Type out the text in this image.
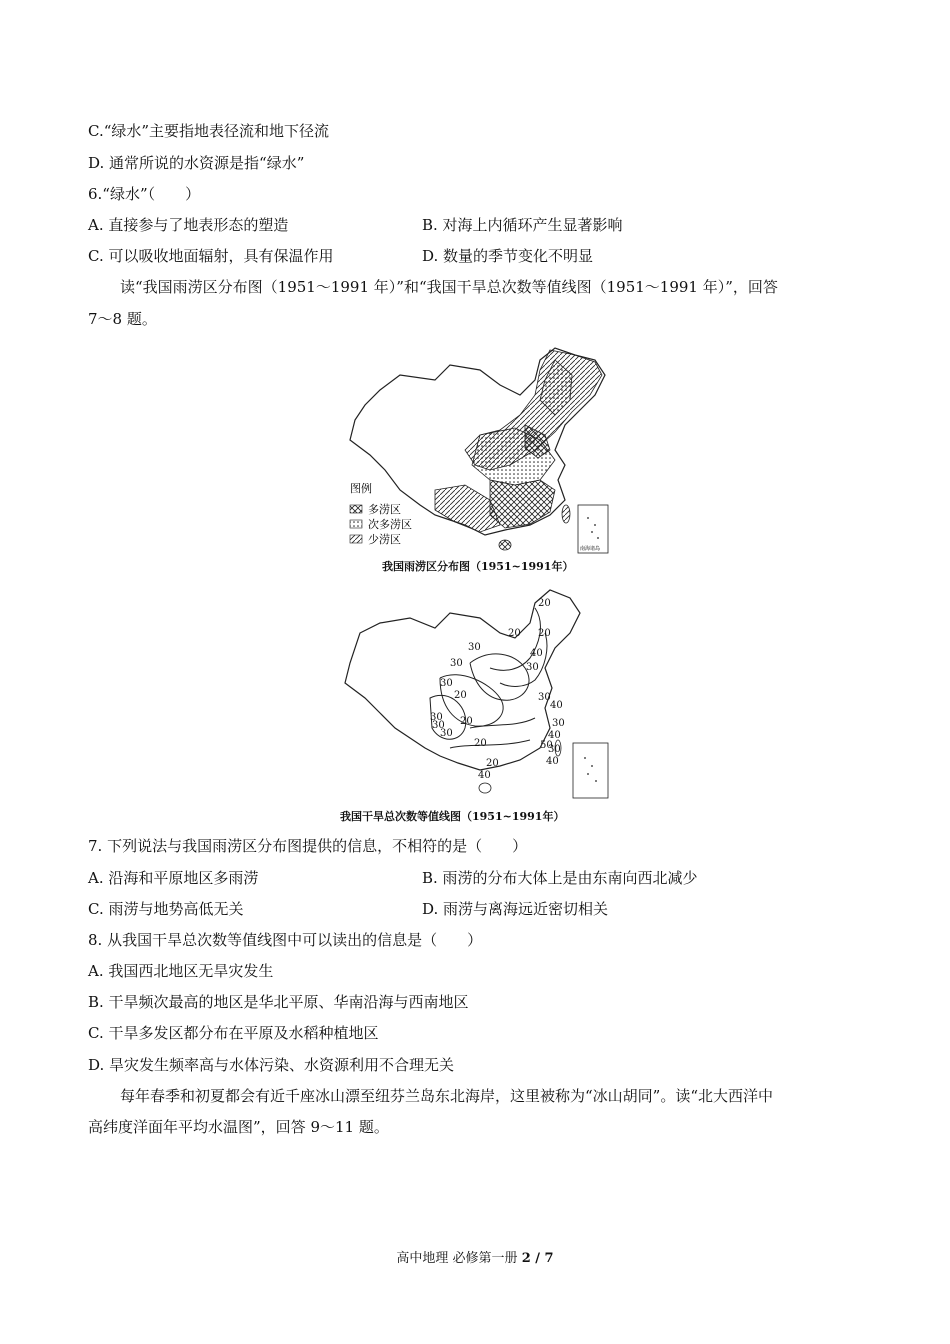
C.“绿水”主要指地表径流和地下径流
D. 通常所说的水资源是指“绿水”
6.“绿水”（　　）
A. 直接参与了地表形态的塑造	B. 对海上内循环产生显著影响
C. 可以吸收地面辐射，具有保温作用	D. 数量的季节变化不明显
读“我国雨涝区分布图（1951～1991 年）”和“我国干旱总次数等值线图（1951～1991 年）”，回答
7～8 题。
图例
多涝区
次多涝区
少涝区
南海诸岛
我国雨涝区分布图（1951~1991年）
20
20
20
40
30
30
30
30
20	30
30
40
30
20
30
30	40
20
30
50
40
40
20
我国干旱总次数等值线图（1951~1991年）
7. 下列说法与我国雨涝区分布图提供的信息，不相符的是（　　）
A. 沿海和平原地区多雨涝	B. 雨涝的分布大体上是由东南向西北减少
C. 雨涝与地势高低无关	D. 雨涝与离海远近密切相关
8. 从我国干旱总次数等值线图中可以读出的信息是（　　）
A. 我国西北地区无旱灾发生
B. 干旱频次最高的地区是华北平原、华南沿海与西南地区
C. 干旱多发区都分布在平原及水稻种植地区
D. 旱灾发生频率高与水体污染、水资源利用不合理无关
每年春季和初夏都会有近千座冰山漂至纽芬兰岛东北海岸，这里被称为“冰山胡同”。读“北大西洋中
高纬度洋面年平均水温图”，回答 9～11 题。
高中地理 必修第一册 2 / 7
